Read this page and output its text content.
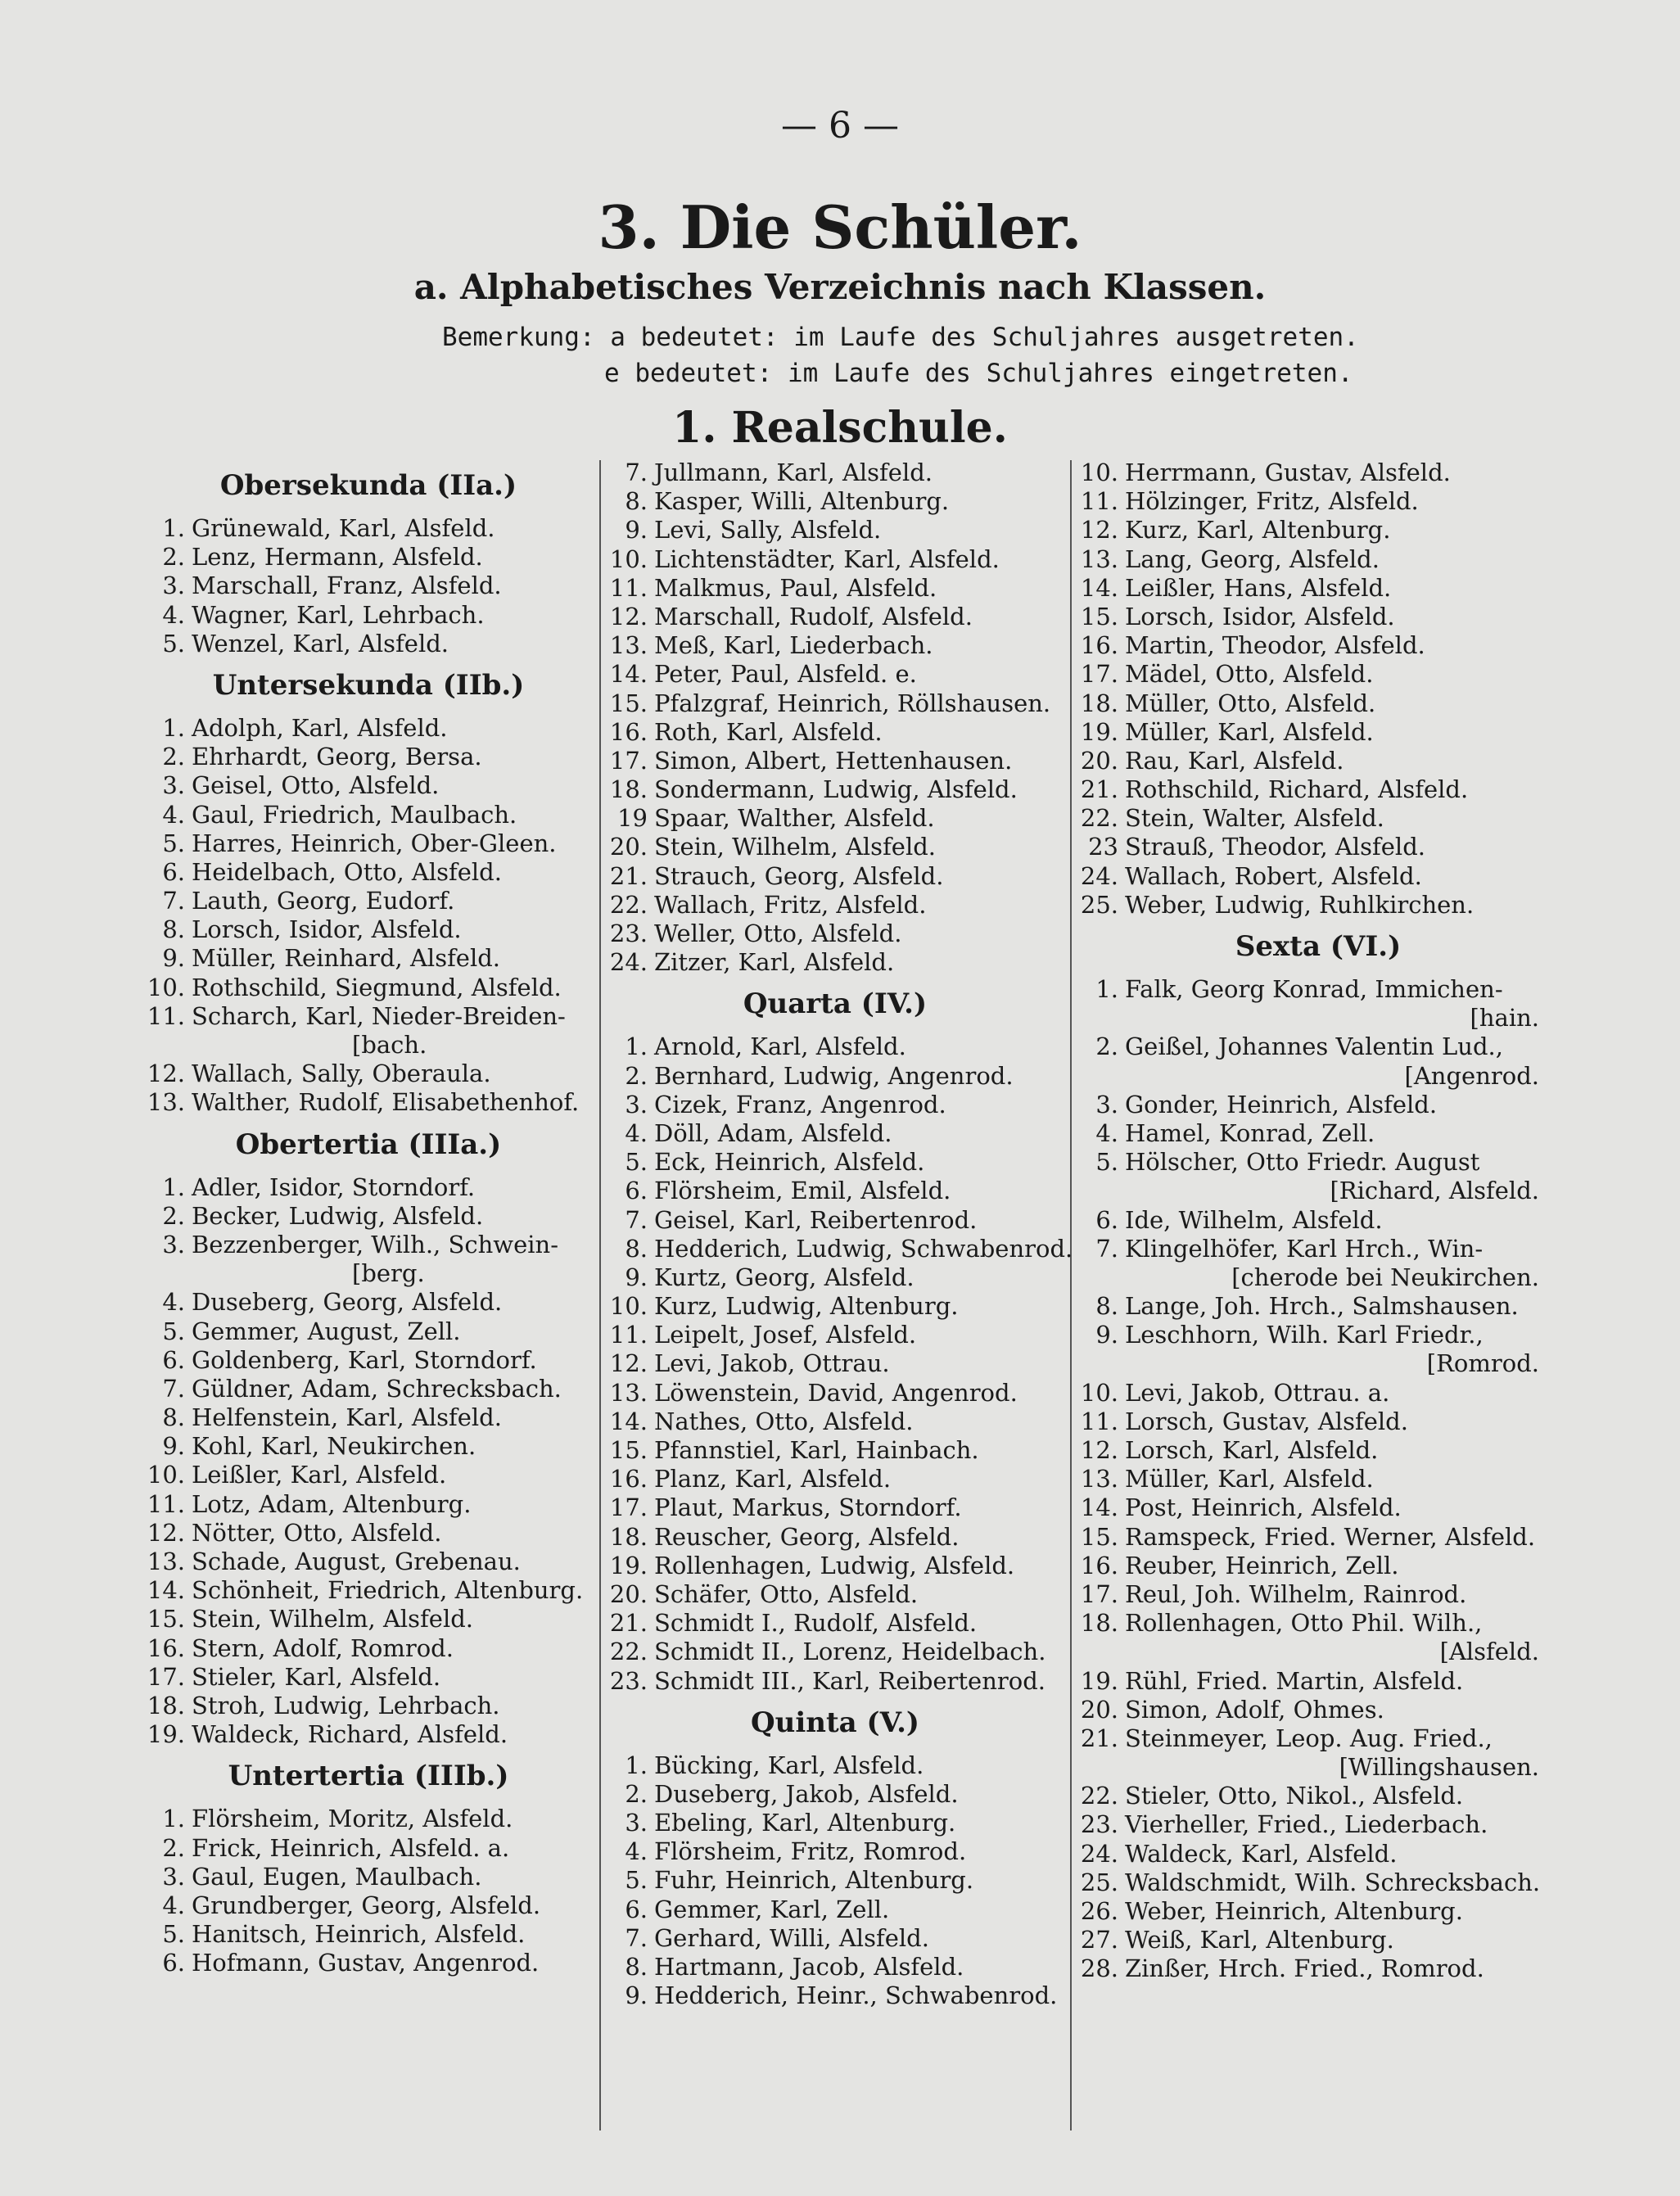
— 6 —
3. Die Schüler.
a. Alphabetisches Verzeichnis nach Klassen.
Bemerkung: a bedeutet: im Laufe des Schuljahres ausgetreten.
e bedeutet: im Laufe des Schuljahres eingetreten.
1. Realschule.
Obersekunda (IIa.)
1. Grünewald, Karl, Alsfeld.
2. Lenz, Hermann, Alsfeld.
3. Marschall, Franz, Alsfeld.
4. Wagner, Karl, Lehrbach.
5. Wenzel, Karl, Alsfeld.
Untersekunda (IIb.)
1. Adolph, Karl, Alsfeld.
2. Ehrhardt, Georg, Bersa.
3. Geisel, Otto, Alsfeld.
4. Gaul, Friedrich, Maulbach.
5. Harres, Heinrich, Ober-Gleen.
6. Heidelbach, Otto, Alsfeld.
7. Lauth, Georg, Eudorf.
8. Lorsch, Isidor, Alsfeld.
9. Müller, Reinhard, Alsfeld.
10. Rothschild, Siegmund, Alsfeld.
11. Scharch, Karl, Nieder-Breiden-
[bach.
12. Wallach, Sally, Oberaula.
13. Walther, Rudolf, Elisabethenhof.
Obertertia (IIIa.)
1. Adler, Isidor, Storndorf.
2. Becker, Ludwig, Alsfeld.
3. Bezzenberger, Wilh., Schwein-
[berg.
4. Duseberg, Georg, Alsfeld.
5. Gemmer, August, Zell.
6. Goldenberg, Karl, Storndorf.
7. Güldner, Adam, Schrecksbach.
8. Helfenstein, Karl, Alsfeld.
9. Kohl, Karl, Neukirchen.
10. Leißler, Karl, Alsfeld.
11. Lotz, Adam, Altenburg.
12. Nötter, Otto, Alsfeld.
13. Schade, August, Grebenau.
14. Schönheit, Friedrich, Altenburg.
15. Stein, Wilhelm, Alsfeld.
16. Stern, Adolf, Romrod.
17. Stieler, Karl, Alsfeld.
18. Stroh, Ludwig, Lehrbach.
19. Waldeck, Richard, Alsfeld.
Untertertia (IIIb.)
1. Flörsheim, Moritz, Alsfeld.
2. Frick, Heinrich, Alsfeld. a.
3. Gaul, Eugen, Maulbach.
4. Grundberger, Georg, Alsfeld.
5. Hanitsch, Heinrich, Alsfeld.
6. Hofmann, Gustav, Angenrod.
7. Jullmann, Karl, Alsfeld.
8. Kasper, Willi, Altenburg.
9. Levi, Sally, Alsfeld.
10. Lichtenstädter, Karl, Alsfeld.
11. Malkmus, Paul, Alsfeld.
12. Marschall, Rudolf, Alsfeld.
13. Meß, Karl, Liederbach.
14. Peter, Paul, Alsfeld. e.
15. Pfalzgraf, Heinrich, Röllshausen.
16. Roth, Karl, Alsfeld.
17. Simon, Albert, Hettenhausen.
18. Sondermann, Ludwig, Alsfeld.
19 Spaar, Walther, Alsfeld.
20. Stein, Wilhelm, Alsfeld.
21. Strauch, Georg, Alsfeld.
22. Wallach, Fritz, Alsfeld.
23. Weller, Otto, Alsfeld.
24. Zitzer, Karl, Alsfeld.
Quarta (IV.)
1. Arnold, Karl, Alsfeld.
2. Bernhard, Ludwig, Angenrod.
3. Cizek, Franz, Angenrod.
4. Döll, Adam, Alsfeld.
5. Eck, Heinrich, Alsfeld.
6. Flörsheim, Emil, Alsfeld.
7. Geisel, Karl, Reibertenrod.
8. Hedderich, Ludwig, Schwabenrod.
9. Kurtz, Georg, Alsfeld.
10. Kurz, Ludwig, Altenburg.
11. Leipelt, Josef, Alsfeld.
12. Levi, Jakob, Ottrau.
13. Löwenstein, David, Angenrod.
14. Nathes, Otto, Alsfeld.
15. Pfannstiel, Karl, Hainbach.
16. Planz, Karl, Alsfeld.
17. Plaut, Markus, Storndorf.
18. Reuscher, Georg, Alsfeld.
19. Rollenhagen, Ludwig, Alsfeld.
20. Schäfer, Otto, Alsfeld.
21. Schmidt I., Rudolf, Alsfeld.
22. Schmidt II., Lorenz, Heidelbach.
23. Schmidt III., Karl, Reibertenrod.
Quinta (V.)
1. Bücking, Karl, Alsfeld.
2. Duseberg, Jakob, Alsfeld.
3. Ebeling, Karl, Altenburg.
4. Flörsheim, Fritz, Romrod.
5. Fuhr, Heinrich, Altenburg.
6. Gemmer, Karl, Zell.
7. Gerhard, Willi, Alsfeld.
8. Hartmann, Jacob, Alsfeld.
9. Hedderich, Heinr., Schwabenrod.
10. Herrmann, Gustav, Alsfeld.
11. Hölzinger, Fritz, Alsfeld.
12. Kurz, Karl, Altenburg.
13. Lang, Georg, Alsfeld.
14. Leißler, Hans, Alsfeld.
15. Lorsch, Isidor, Alsfeld.
16. Martin, Theodor, Alsfeld.
17. Mädel, Otto, Alsfeld.
18. Müller, Otto, Alsfeld.
19. Müller, Karl, Alsfeld.
20. Rau, Karl, Alsfeld.
21. Rothschild, Richard, Alsfeld.
22. Stein, Walter, Alsfeld.
23 Strauß, Theodor, Alsfeld.
24. Wallach, Robert, Alsfeld.
25. Weber, Ludwig, Ruhlkirchen.
Sexta (VI.)
1. Falk, Georg Konrad, Immichen-
[hain.
2. Geißel, Johannes Valentin Lud.,
[Angenrod.
3. Gonder, Heinrich, Alsfeld.
4. Hamel, Konrad, Zell.
5. Hölscher, Otto Friedr. August
[Richard, Alsfeld.
6. Ide, Wilhelm, Alsfeld.
7. Klingelhöfer, Karl Hrch., Win-
[cherode bei Neukirchen.
8. Lange, Joh. Hrch., Salmshausen.
9. Leschhorn, Wilh. Karl Friedr.,
[Romrod.
10. Levi, Jakob, Ottrau. a.
11. Lorsch, Gustav, Alsfeld.
12. Lorsch, Karl, Alsfeld.
13. Müller, Karl, Alsfeld.
14. Post, Heinrich, Alsfeld.
15. Ramspeck, Fried. Werner, Alsfeld.
16. Reuber, Heinrich, Zell.
17. Reul, Joh. Wilhelm, Rainrod.
18. Rollenhagen, Otto Phil. Wilh.,
[Alsfeld.
19. Rühl, Fried. Martin, Alsfeld.
20. Simon, Adolf, Ohmes.
21. Steinmeyer, Leop. Aug. Fried.,
[Willingshausen.
22. Stieler, Otto, Nikol., Alsfeld.
23. Vierheller, Fried., Liederbach.
24. Waldeck, Karl, Alsfeld.
25. Waldschmidt, Wilh. Schrecksbach.
26. Weber, Heinrich, Altenburg.
27. Weiß, Karl, Altenburg.
28. Zinßer, Hrch. Fried., Romrod.
